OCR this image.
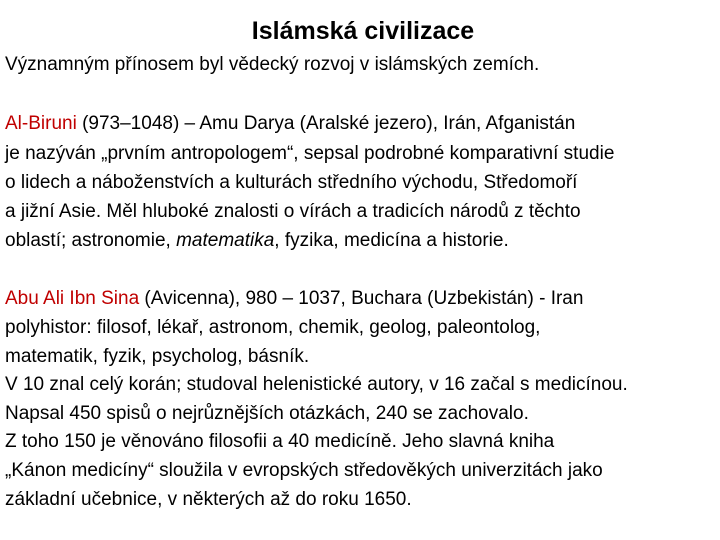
Islámská civilizace
Významným přínosem byl vědecký rozvoj v islámských zemích.
Al-Biruni (973–1048) – Amu Darya (Aralské jezero), Irán, Afganistán
je nazýván „prvním antropologem“, sepsal podrobné komparativní studie
o lidech a náboženstvích a kulturách středního východu, Středomoří
a jižní Asie. Měl hluboké znalosti o vírách a tradicích národů z těchto
oblastí; astronomie, matematika, fyzika, medicína a historie.
Abu Ali Ibn Sina (Avicenna), 980 – 1037, Buchara (Uzbekistán) - Iran
polyhistor: filosof, lékař, astronom, chemik, geolog, paleontolog,
matematik, fyzik, psycholog, básník.
V 10 znal celý korán; studoval helenistické autory, v 16 začal s medicínou.
Napsal 450 spisů o nejrůznějších otázkách, 240 se zachovalo.
Z toho 150 je věnováno filosofii a 40 medicíně. Jeho slavná kniha
„Kánon medicíny“ sloužila v evropských středověkých univerzitách jako
základní učebnice, v některých až do roku 1650.
